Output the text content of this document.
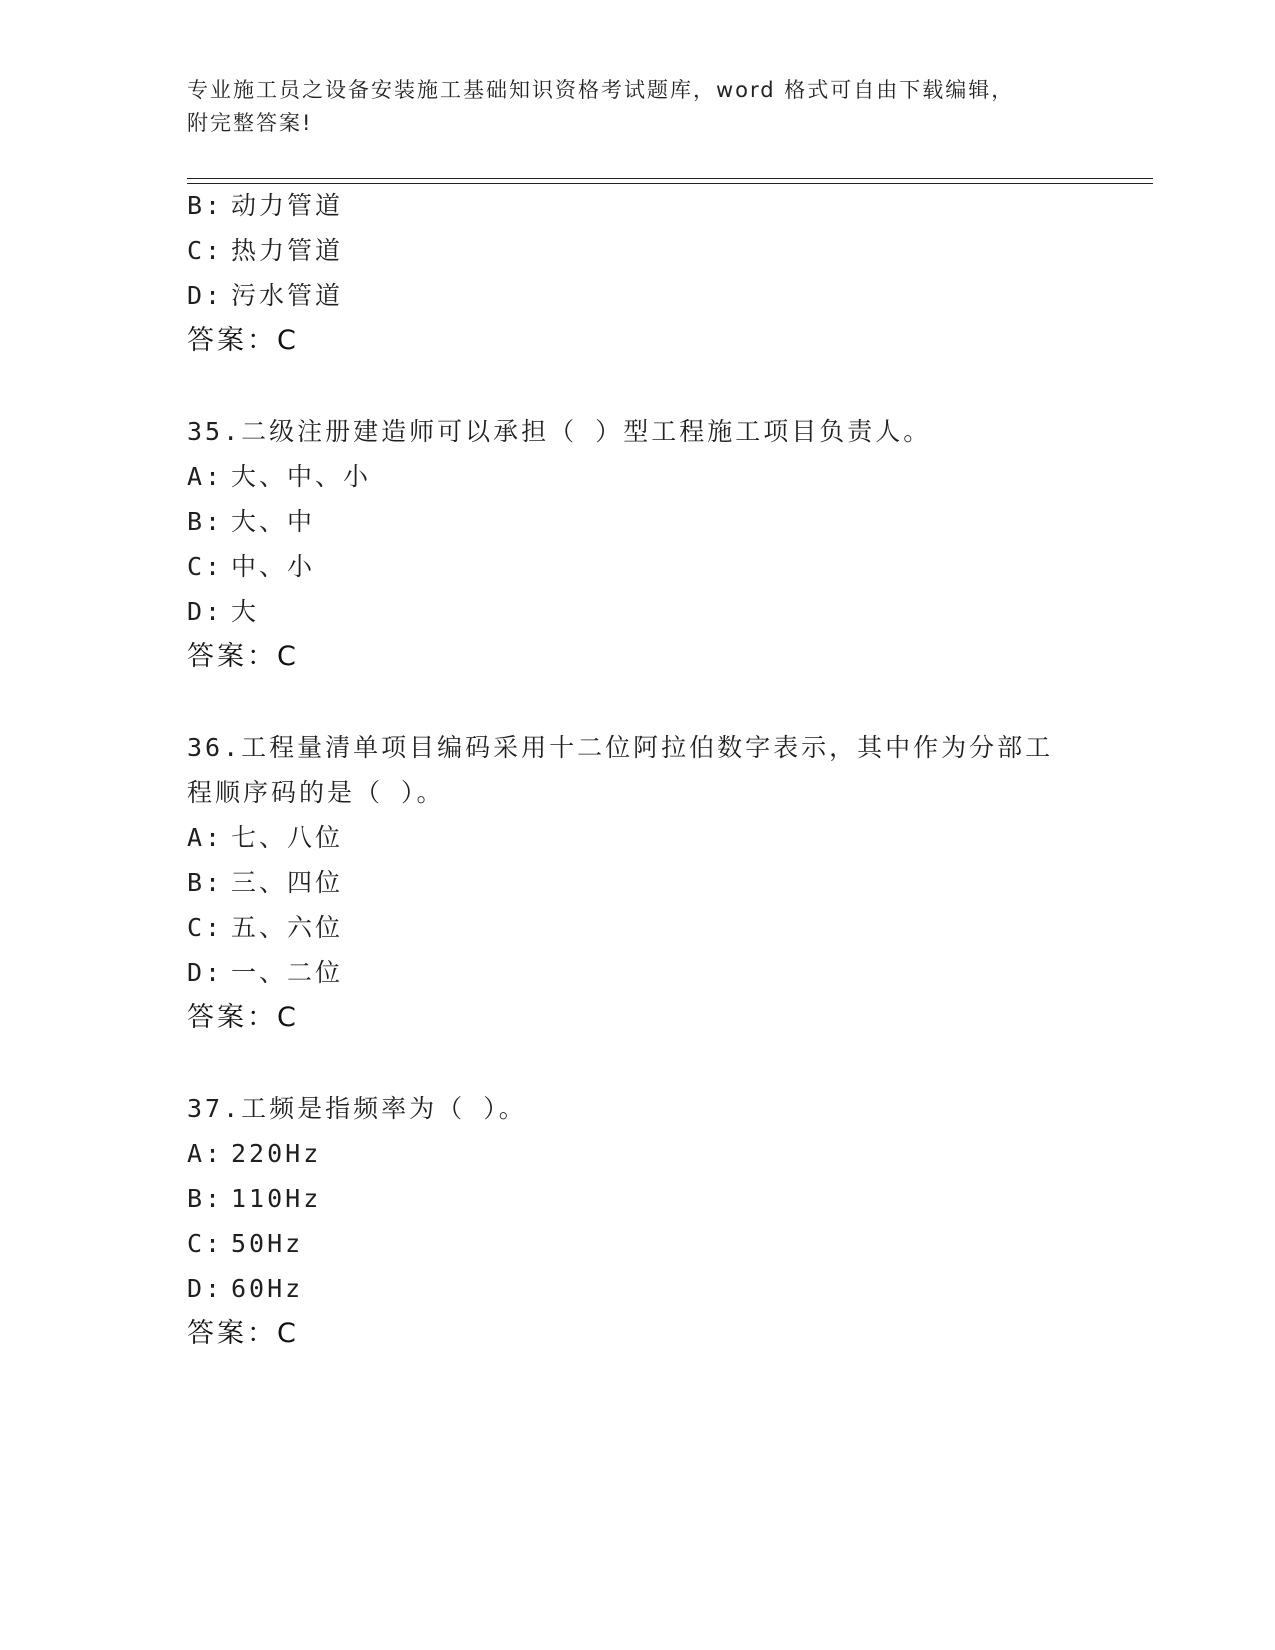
专业施工员之设备安装施工基础知识资格考试题库，word 格式可自由下载编辑，
附完整答案!
B: 动力管道
C: 热力管道
D: 污水管道
答案：C
35.二级注册建造师可以承担（ ）型工程施工项目负责人。
A: 大、中、小
B: 大、中
C: 中、小
D: 大
答案：C
36.工程量清单项目编码采用十二位阿拉伯数字表示，其中作为分部工
程顺序码的是（ ）。
A: 七、八位
B: 三、四位
C: 五、六位
D: 一、二位
答案：C
37.工频是指频率为（ ）。
A: 220Hz
B: 110Hz
C: 50Hz
D: 60Hz
答案：C
